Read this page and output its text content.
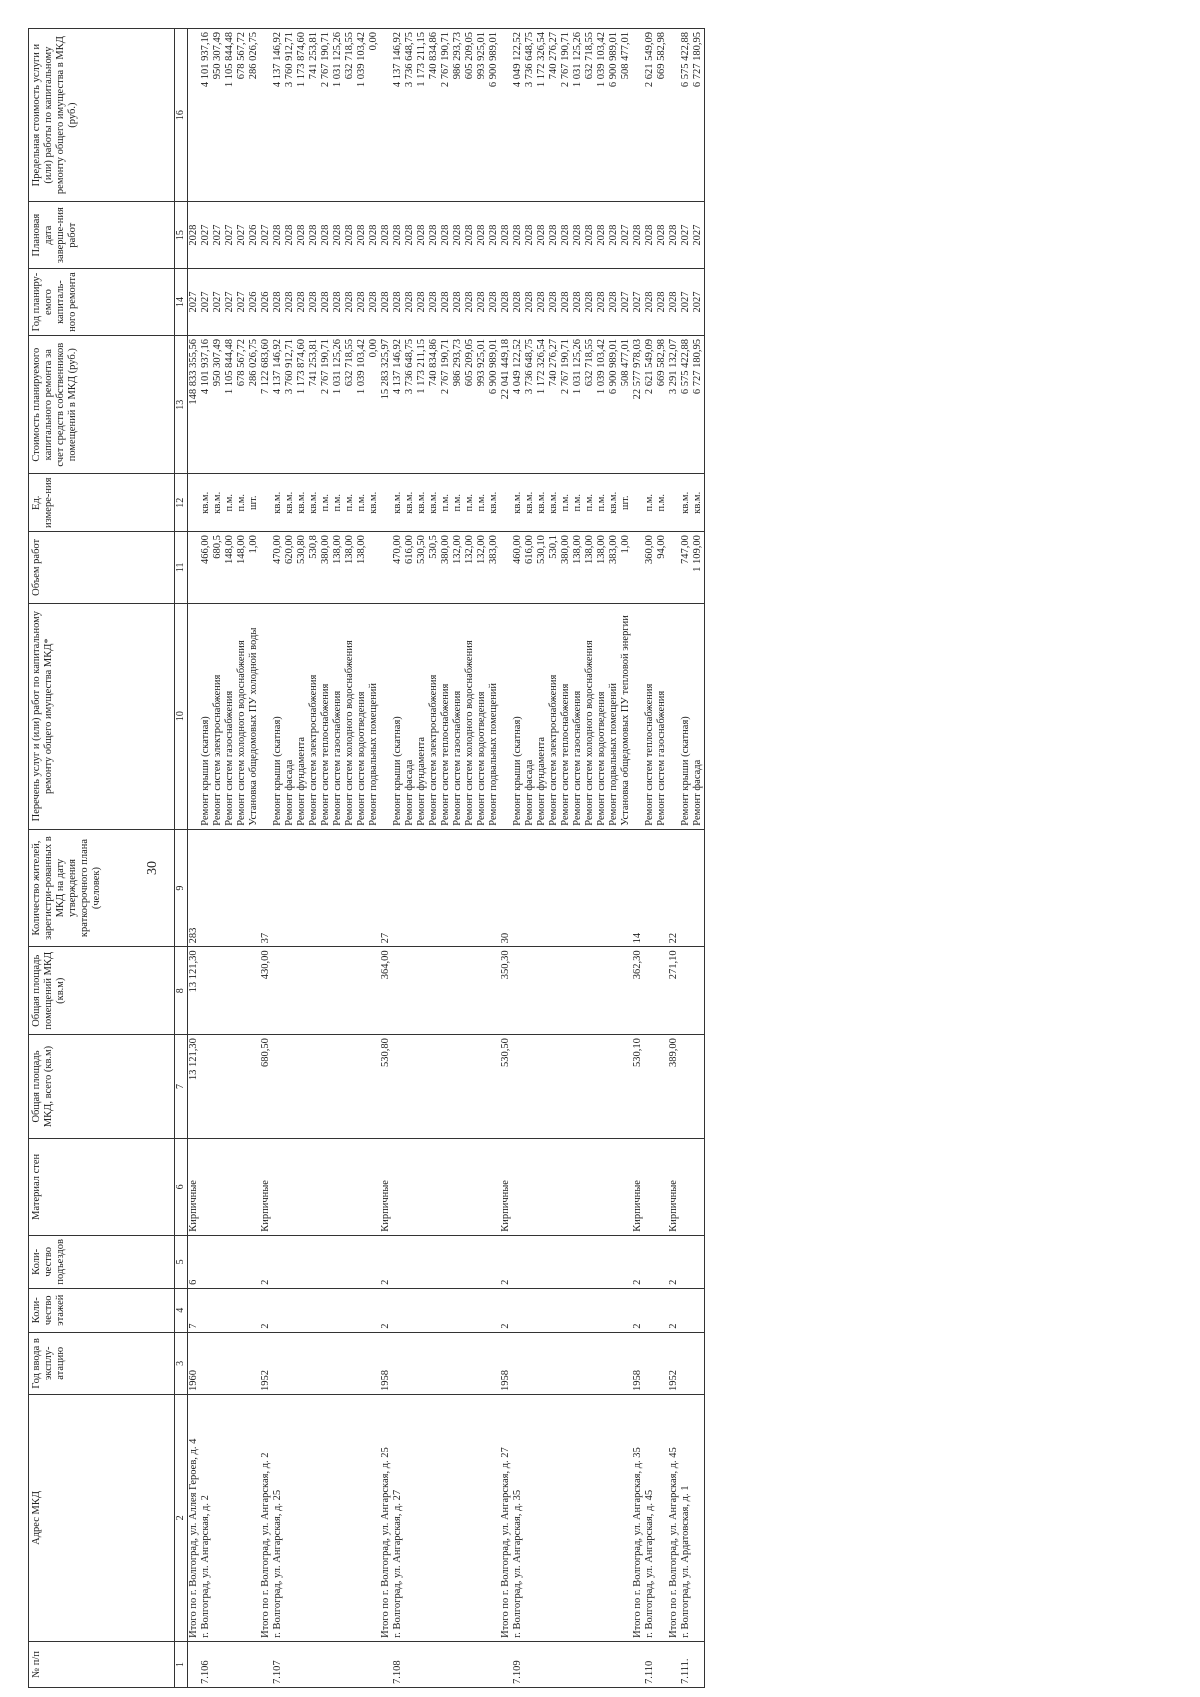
30
№ п/п	Адрес МКД	Год ввода в эксплу-атацию	Коли-чество этажей	Коли-чество подъездов	Материал стен	Общая площадь МКД, всего (кв.м)	Общая площадь помещений МКД (кв.м)	Количество жителей, зарегистри-рованных в МКД на дату утверждения краткосрочного плана (человек)	Перечень услуг и (или) работ по капитальному ремонту общего имущества МКД*	Объем работ	Ед. измере-ния	Стоимость планируемого капитального ремонта за счет средств собственников помещений в МКД (руб.)	Год планиру-емого капиталь-ного ремонта	Плановая дата заверше-ния работ	Предельная стоимость услуги и (или) работы по капитальному ремонту общего имущества в МКД (руб.)
1	2	3	4	5	6	7	8	9	10	11	12	13	14	15	16
	Итого по г. Волгоград, ул. Аллея Героев, д. 4	1960	7	6	Кирпичные	13 121,30	13 121,30	283				148 833 355,56	2027	2028	
7.106	г. Волгоград, ул. Ангарская, д. 2								Ремонт крыши (скатная)	466,00	кв.м.	4 101 937,16	2027	2027	4 101 937,16
									Ремонт систем электроснабжения	680,5	кв.м.	950 307,49	2027	2027	950 307,49

									Ремонт систем газоснабжения	148,00	п.м.	1 105 844,48	2027	2027	1 105 844,48
									Ремонт систем холодного водоснабжения	148,00	п.м.	678 567,72	2027	2027	678 567,72
									Установка общедомовых ПУ холодной воды	1,00	шт.	286 026,75	2026	2026	286 026,75
	Итого по г. Волгоград, ул. Ангарская, д. 2	1952	2	2	Кирпичные	680,50	430,00	37				7 122 683,60	2026	2027	
7.107	г. Волгоград, ул. Ангарская, д. 25								Ремонт крыши (скатная)	470,00	кв.м.	4 137 146,92	2028	2028	4 137 146,92
									Ремонт фасада	620,00	кв.м.	3 760 912,71	2028	2028	3 760 912,71
									Ремонт фундамента	530,80	кв.м.	1 173 874,60	2028	2028	1 173 874,60
									Ремонт систем электроснабжения	530,8	кв.м.	741 253,81	2028	2028	741 253,81

									Ремонт систем теплоснабжения	380,00	п.м.	2 767 190,71	2028	2028	2 767 190,71
									Ремонт систем газоснабжения	138,00	п.м.	1 031 125,26	2028	2028	1 031 125,26
									Ремонт систем холодного водоснабжения	138,00	п.м.	632 718,55	2028	2028	632 718,55
									Ремонт систем водоотведения	138,00	п.м.	1 039 103,42	2028	2028	1 039 103,42
									Ремонт подвальных помещений		кв.м.	0,00	2028	2028	0,00
	Итого по г. Волгоград, ул. Ангарская, д. 25	1958	2	2	Кирпичные	530,80	364,00	27				15 283 325,97	2028	2028	
7.108	г. Волгоград, ул. Ангарская, д. 27								Ремонт крыши (скатная)	470,00	кв.м.	4 137 146,92	2028	2028	4 137 146,92
									Ремонт фасада	616,00	кв.м.	3 736 648,75	2028	2028	3 736 648,75
									Ремонт фундамента	530,50	кв.м.	1 173 211,15	2028	2028	1 173 211,15
									Ремонт систем электроснабжения	530,5	кв.м.	740 834,86	2028	2028	740 834,86

									Ремонт систем теплоснабжения	380,00	п.м.	2 767 190,71	2028	2028	2 767 190,71
									Ремонт систем газоснабжения	132,00	п.м.	986 293,73	2028	2028	986 293,73
									Ремонт систем холодного водоснабжения	132,00	п.м.	605 209,05	2028	2028	605 209,05
									Ремонт систем водоотведения	132,00	п.м.	993 925,01	2028	2028	993 925,01
									Ремонт подвальных помещений	383,00	кв.м.	6 900 989,01	2028	2028	6 900 989,01
	Итого по г. Волгоград, ул. Ангарская, д. 27	1958	2	2	Кирпичные	530,50	350,30	30				22 041 449,18	2028	2028	
7.109	г. Волгоград, ул. Ангарская, д. 35								Ремонт крыши (скатная)	460,00	кв.м.	4 049 122,52	2028	2028	4 049 122,52
									Ремонт фасада	616,00	кв.м.	3 736 648,75	2028	2028	3 736 648,75
									Ремонт фундамента	530,10	кв.м.	1 172 326,54	2028	2028	1 172 326,54
									Ремонт систем электроснабжения	530,1	кв.м.	740 276,27	2028	2028	740 276,27

									Ремонт систем теплоснабжения	380,00	п.м.	2 767 190,71	2028	2028	2 767 190,71
									Ремонт систем газоснабжения	138,00	п.м.	1 031 125,26	2028	2028	1 031 125,26
									Ремонт систем холодного водоснабжения	138,00	п.м.	632 718,55	2028	2028	632 718,55
									Ремонт систем водоотведения	138,00	п.м.	1 039 103,42	2028	2028	1 039 103,42
									Ремонт подвальных помещений	383,00	кв.м.	6 900 989,01	2028	2028	6 900 989,01
									Установка общедомовых ПУ тепловой энергии	1,00	шт.	508 477,01	2027	2027	508 477,01
	Итого по г. Волгоград, ул. Ангарская, д. 35	1958	2	2	Кирпичные	530,10	362,30	14				22 577 978,03	2027	2028	
7.110	г. Волгоград, ул. Ангарская, д. 45								Ремонт систем теплоснабжения	360,00	п.м.	2 621 549,09	2028	2028	2 621 549,09
									Ремонт систем газоснабжения	94,00	п.м.	669 582,98	2028	2028	669 582,98
	Итого по г. Волгоград, ул. Ангарская, д. 45	1952	2	2	Кирпичные	389,00	271,10	22				3 291 132,07	2028	2028	
7.111.	г. Волгоград, ул. Ардатовская, д. 1								Ремонт крыши (скатная)	747,00	кв.м.	6 575 422,88	2027	2027	6 575 422,88
									Ремонт фасада	1 109,00	кв.м.	6 727 180,95	2027	2027	6 727 180,95
